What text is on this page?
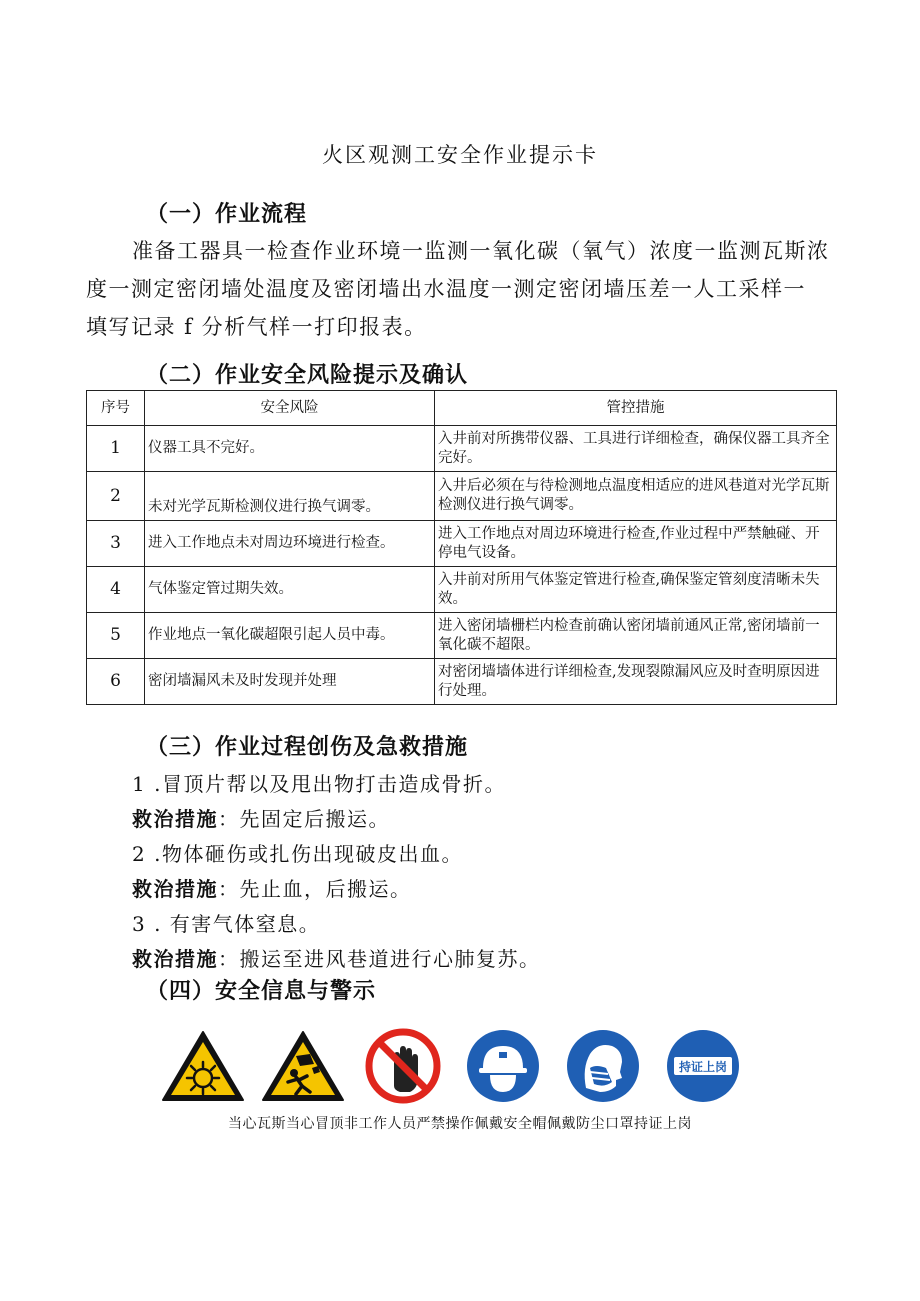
火区观测工安全作业提示卡
（一）作业流程
准备工器具一检查作业环境一监测一氧化碳（氧气）浓度一监测瓦斯浓
度一测定密闭墙处温度及密闭墙出水温度一测定密闭墙压差一人工采样一
填写记录 f 分析气样一打印报表。
（二）作业安全风险提示及确认
序号	安全风险	管控措施
1	仪器工具不完好。	入井前对所携带仪器、工具进行详细检查，确保仪器工具齐全完好。
2	未对光学瓦斯检测仪进行换气调零。	入井后必须在与待检测地点温度相适应的进风巷道对光学瓦斯检测仪进行换气调零。
3	进入工作地点未对周边环境进行检查。	进入工作地点对周边环境进行检查,作业过程中严禁触碰、开停电气设备。
4	气体鉴定管过期失效。	入井前对所用气体鉴定管进行检查,确保鉴定管刻度清晰未失效。
5	作业地点一氧化碳超限引起人员中毒。	进入密闭墙栅栏内检查前确认密闭墙前通风正常,密闭墙前一氧化碳不超限。
6	密闭墙漏风未及时发现并处理	对密闭墙墙体进行详细检查,发现裂隙漏风应及时查明原因进行处理。
（三）作业过程创伤及急救措施
1 .冒顶片帮以及甩出物打击造成骨折。
救治措施：先固定后搬运。
2 .物体砸伤或扎伤出现破皮出血。
救治措施：先止血，后搬运。
3 . 有害气体窒息。
救治措施：搬运至进风巷道进行心肺复苏。
（四）安全信息与警示
持证上岗
当心瓦斯当心冒顶非工作人员严禁操作佩戴安全帽佩戴防尘口罩持证上岗
